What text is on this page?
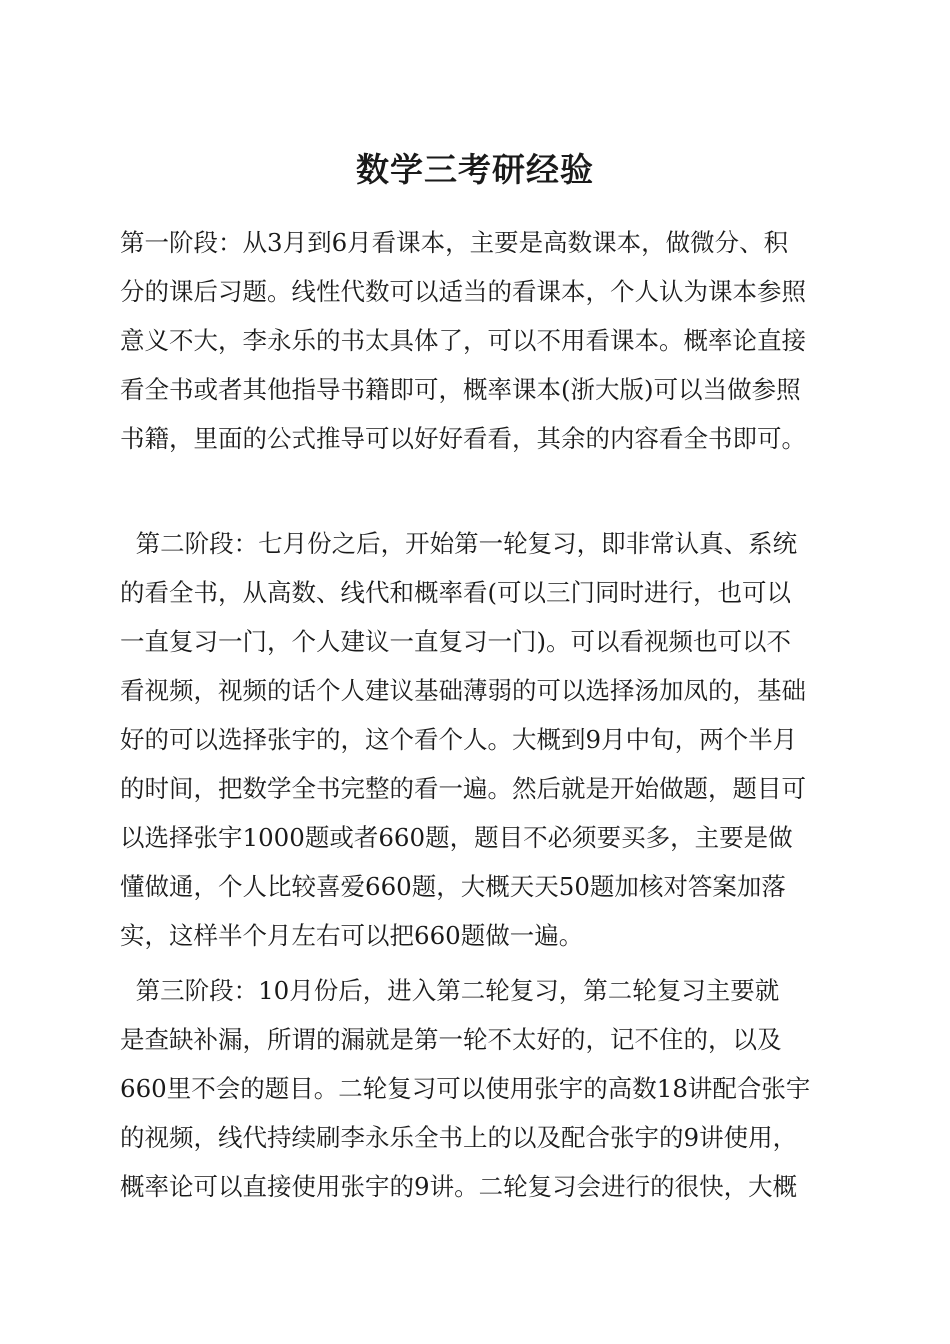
数学三考研经验

第一阶段：从3月到6月看课本，主要是高数课本，做微分、积
分的课后习题。线性代数可以适当的看课本，个人认为课本参照
意义不大，李永乐的书太具体了，可以不用看课本。概率论直接
看全书或者其他指导书籍即可，概率课本(浙大版)可以当做参照
书籍，里面的公式推导可以好好看看，其余的内容看全书即可。

第二阶段：七月份之后，开始第一轮复习，即非常认真、系统
的看全书，从高数、线代和概率看(可以三门同时进行，也可以
一直复习一门，个人建议一直复习一门)。可以看视频也可以不
看视频，视频的话个人建议基础薄弱的可以选择汤加凤的，基础
好的可以选择张宇的，这个看个人。大概到9月中旬，两个半月
的时间，把数学全书完整的看一遍。然后就是开始做题，题目可
以选择张宇1000题或者660题，题目不必须要买多，主要是做
懂做通，个人比较喜爱660题，大概天天50题加核对答案加落
实，这样半个月左右可以把660题做一遍。

第三阶段：10月份后，进入第二轮复习，第二轮复习主要就
是查缺补漏，所谓的漏就是第一轮不太好的，记不住的，以及
660里不会的题目。二轮复习可以使用张宇的高数18讲配合张宇
的视频，线代持续刷李永乐全书上的以及配合张宇的9讲使用，
概率论可以直接使用张宇的9讲。二轮复习会进行的很快，大概
